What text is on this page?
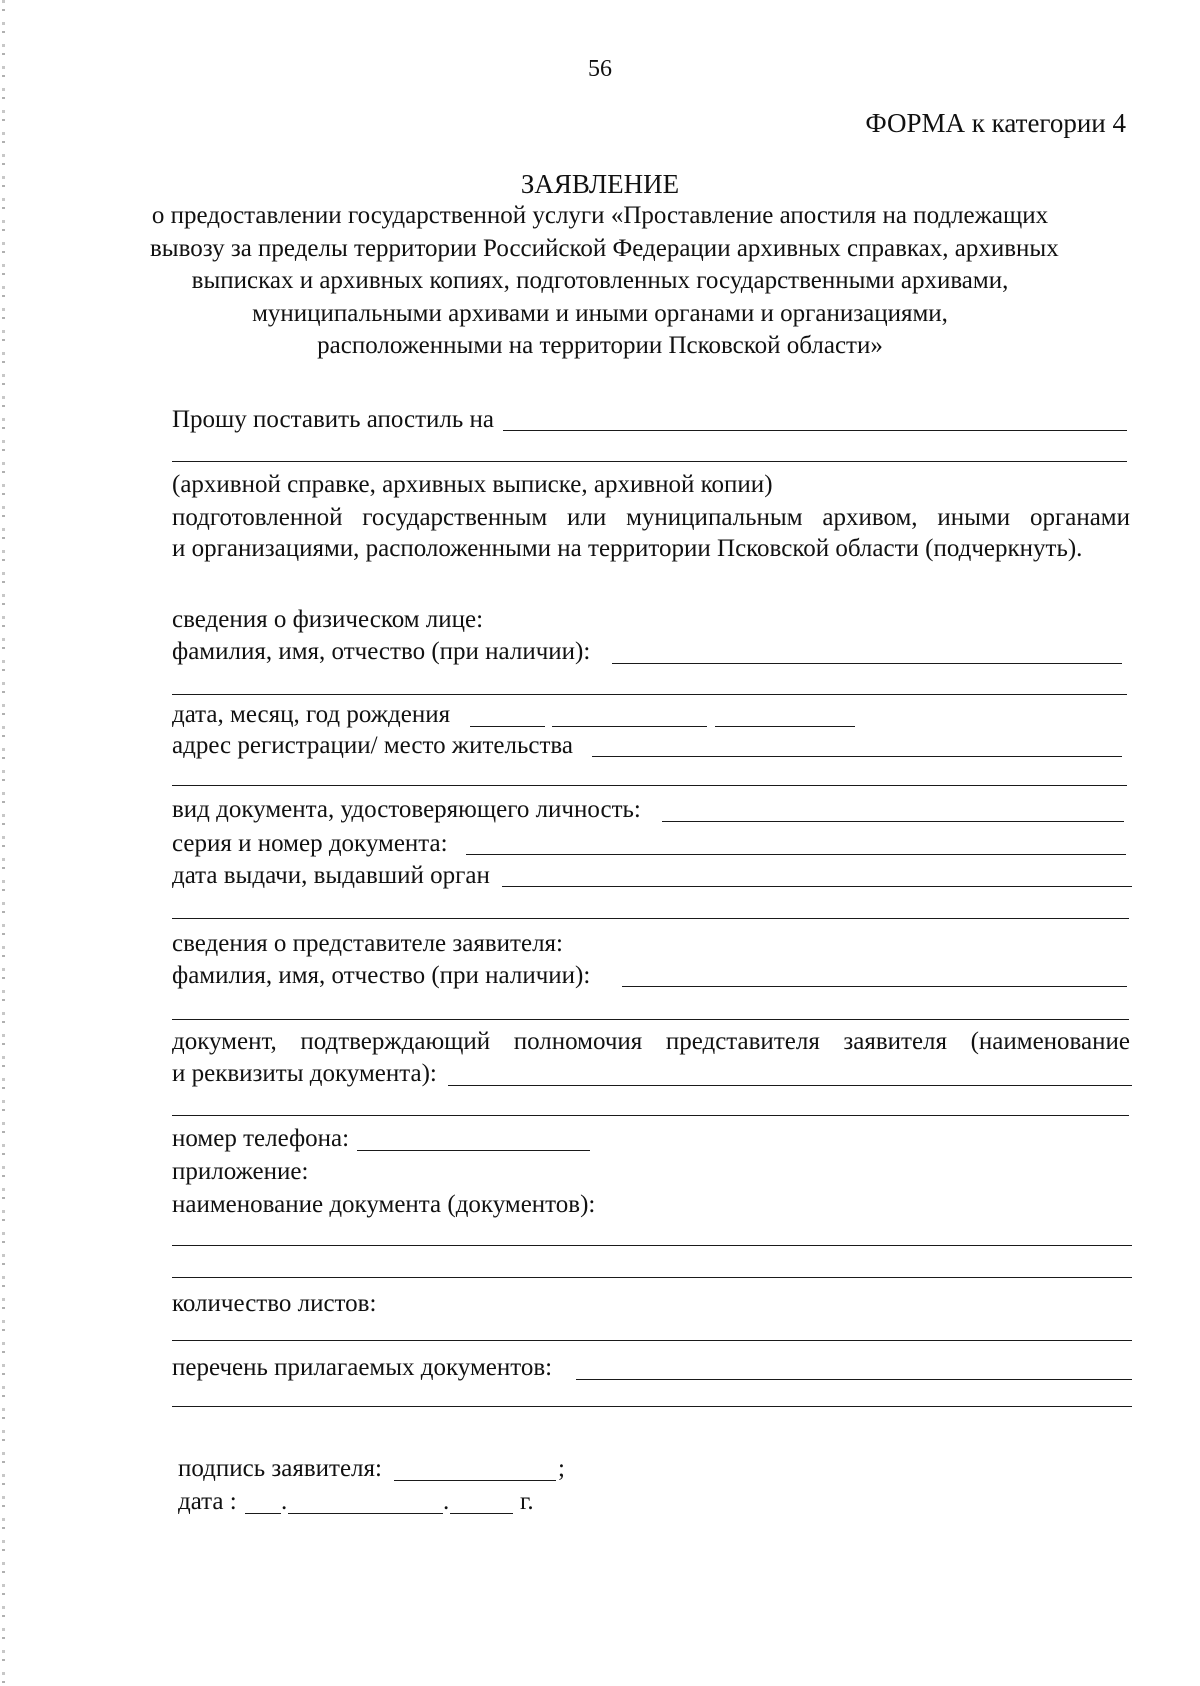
56
ФОРМА к категории 4
ЗАЯВЛЕНИЕ
о предоставлении государственной услуги «Проставление апостиля на подлежащих
вывозу за пределы территории Российской Федерации архивных справках, архивных
выписках и архивных копиях, подготовленных государственными архивами,
муниципальными архивами и иными органами и организациями,
расположенными на территории Псковской области»
Прошу поставить апостиль на
(архивной справке, архивных выписке, архивной копии)
подготовленной государственным или муниципальным архивом, иными органами
и организациями, расположенными на территории Псковской области (подчеркнуть).
сведения о физическом лице:
фамилия, имя, отчество (при наличии):
дата, месяц, год рождения
адрес регистрации/ место жительства
вид документа, удостоверяющего личность:
серия и номер документа:
дата выдачи, выдавший орган
сведения о представителе заявителя:
фамилия, имя, отчество (при наличии):
документ, подтверждающий полномочия представителя заявителя (наименование
и реквизиты документа):
номер телефона:
приложение:
наименование документа (документов):
количество листов:
перечень прилагаемых документов:
подпись заявителя:	;
дата : .	.	г.
